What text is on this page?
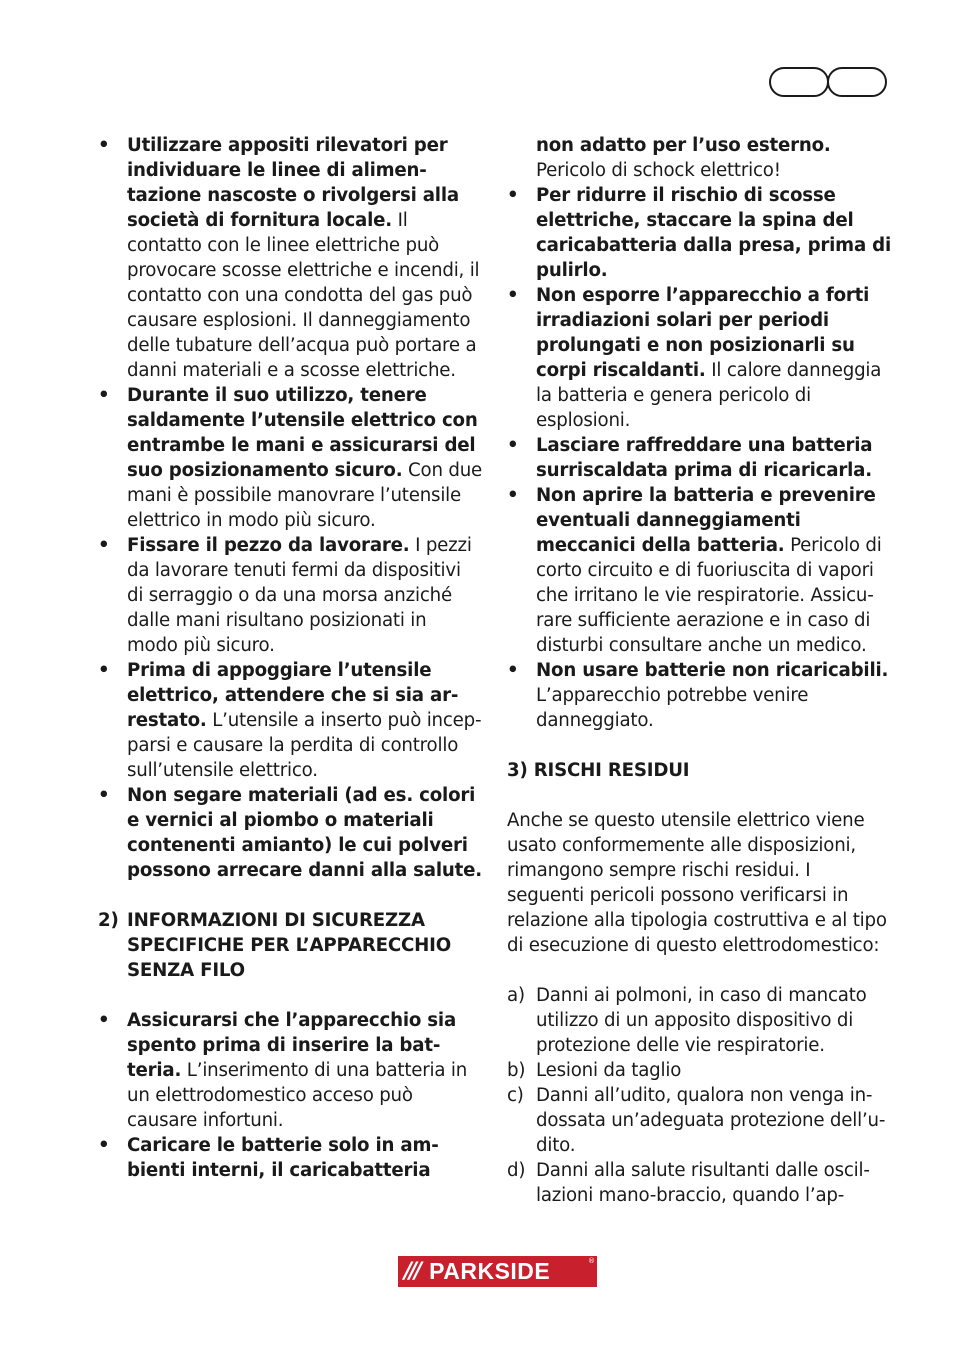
• Utilizzare appositi rilevatori per individuare le linee di alimentazione nascoste o rivolgersi alla società di fornitura locale. Il contatto con le linee elettriche può provocare scosse elettriche e incendi, il contatto con una condotta del gas può causare esplosioni. Il danneggiamento delle tubature dell’acqua può portare a danni materiali e a scosse elettriche.

• Durante il suo utilizzo, tenere saldamente l’utensile elettrico con entrambe le mani e assicurarsi del suo posizionamento sicuro. Con due mani è possibile manovrare l’utensile elettrico in modo più sicuro.

• Fissare il pezzo da lavorare. I pezzi da lavorare tenuti fermi da dispositivi di serraggio o da una morsa anziché dalle mani risultano posizionati in modo più sicuro.

• Prima di appoggiare l’utensile elettrico, attendere che si sia arrestato. L’utensile a inserto può incepparsi e causare la perdita di controllo sull’utensile elettrico.

• Non segare materiali (ad es. colori e vernici al piombo o materiali contenenti amianto) le cui polveri possono arrecare danni alla salute.

2) INFORMAZIONI DI SICUREZZA SPECIFICHE PER L’APPARECCHIO SENZA FILO

• Assicurarsi che l’apparecchio sia spento prima di inserire la batteria. L’inserimento di una batteria in un elettrodomestico acceso può causare infortuni.

• Caricare le batterie solo in ambienti interni, il caricabatteria

non adatto per l’uso esterno. Pericolo di schock elettrico!

• Per ridurre il rischio di scosse elettriche, staccare la spina del caricabatteria dalla presa, prima di pulirlo.

• Non esporre l’apparecchio a forti irradiazioni solari per periodi prolungati e non posizionarli su corpi riscaldanti. Il calore danneggia la batteria e genera pericolo di esplosioni.

• Lasciare raffreddare una batteria surriscaldata prima di ricaricarla.

• Non aprire la batteria e prevenire eventuali danneggiamenti meccanici della batteria. Pericolo di corto circuito e di fuoriuscita di vapori che irritano le vie respiratorie. Assicurare sufficiente aerazione e in caso di disturbi consultare anche un medico.

• Non usare batterie non ricaricabili. L’apparecchio potrebbe venire danneggiato.

3) RISCHI RESIDUI

Anche se questo utensile elettrico viene usato conformemente alle disposizioni, rimangono sempre rischi residui. I seguenti pericoli possono verificarsi in relazione alla tipologia costruttiva e al tipo di esecuzione di questo elettrodomestico:

a) Danni ai polmoni, in caso di mancato utilizzo di un apposito dispositivo di protezione delle vie respiratorie.

b) Lesioni da taglio

c) Danni all’udito, qualora non venga indossata un’adeguata protezione dell’udito.

d) Danni alla salute risultanti dalle oscillazioni mano-braccio, quando l’ap-

/// PARKSIDE	®
